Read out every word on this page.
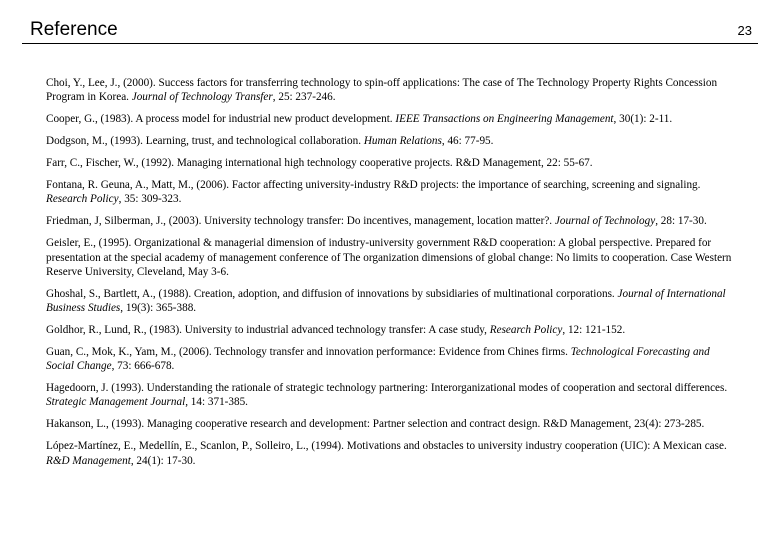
Reference	23

Choi, Y., Lee, J., (2000). Success factors for transferring technology to spin-off applications: The case of The Technology Property Rights Concession Program in Korea. Journal of Technology Transfer, 25: 237-246.

Cooper, G., (1983). A process model for industrial new product development. IEEE Transactions on Engineering Management, 30(1): 2-11.

Dodgson, M., (1993). Learning, trust, and technological collaboration. Human Relations, 46: 77-95.

Farr, C., Fischer, W., (1992). Managing international high technology cooperative projects. R&D Management, 22: 55-67.

Fontana, R. Geuna, A., Matt, M., (2006). Factor affecting university-industry R&D projects: the importance of searching, screening and signaling. Research Policy, 35: 309-323.

Friedman, J, Silberman, J., (2003). University technology transfer: Do incentives, management, location matter?. Journal of Technology, 28: 17-30.

Geisler, E., (1995). Organizational & managerial dimension of industry-university government R&D cooperation: A global perspective. Prepared for presentation at the special academy of management conference of The organization dimensions of global change: No limits to cooperation. Case Western Reserve University, Cleveland, May 3-6.

Ghoshal, S., Bartlett, A., (1988). Creation, adoption, and diffusion of innovations by subsidiaries of multinational corporations. Journal of International Business Studies, 19(3): 365-388.

Goldhor, R., Lund, R., (1983). University to industrial advanced technology transfer: A case study, Research Policy, 12: 121-152.

Guan, C., Mok, K., Yam, M., (2006). Technology transfer and innovation performance: Evidence from Chines firms. Technological Forecasting and Social Change, 73: 666-678.

Hagedoorn, J. (1993). Understanding the rationale of strategic technology partnering: Interorganizational modes of cooperation and sectoral differences. Strategic Management Journal, 14: 371-385.

Hakanson, L., (1993). Managing cooperative research and development: Partner selection and contract design. R&D Management, 23(4): 273-285.

López-Martínez, E., Medellín, E., Scanlon, P., Solleiro, L., (1994). Motivations and obstacles to university industry cooperation (UIC): A Mexican case. R&D Management, 24(1): 17-30.
